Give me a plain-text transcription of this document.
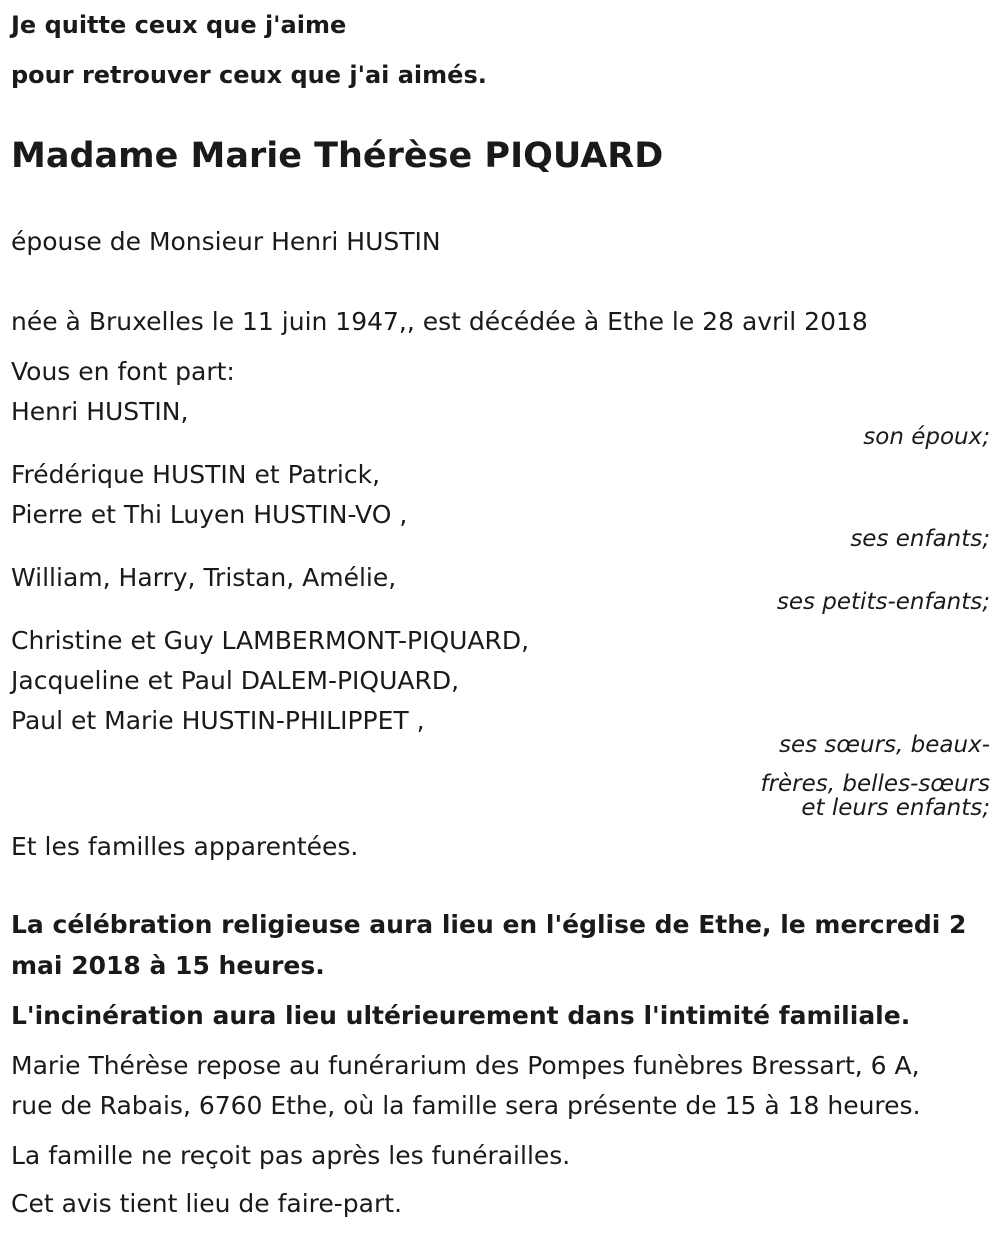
Je quitte ceux que j'aime
pour retrouver ceux que j'ai aimés.
Madame Marie Thérèse PIQUARD
épouse de Monsieur Henri HUSTIN
née à Bruxelles le 11 juin 1947,, est décédée à Ethe le 28 avril 2018
Vous en font part:
Henri HUSTIN,
son époux;
Frédérique HUSTIN et Patrick,
Pierre et Thi Luyen HUSTIN-VO ,
ses enfants;
William, Harry, Tristan, Amélie,
ses petits-enfants;
Christine et Guy LAMBERMONT-PIQUARD,
Jacqueline et Paul DALEM-PIQUARD,
Paul et Marie HUSTIN-PHILIPPET ,
ses sœurs, beaux-
frères, belles-sœurs
et leurs enfants;
Et les familles apparentées.
La célébration religieuse aura lieu en l'église de Ethe, le mercredi 2
mai 2018 à 15 heures.
L'incinération aura lieu ultérieurement dans l'intimité familiale.
Marie Thérèse repose au funérarium des Pompes funèbres Bressart, 6 A,
rue de Rabais, 6760 Ethe, où la famille sera présente de 15 à 18 heures.
La famille ne reçoit pas après les funérailles.
Cet avis tient lieu de faire-part.
